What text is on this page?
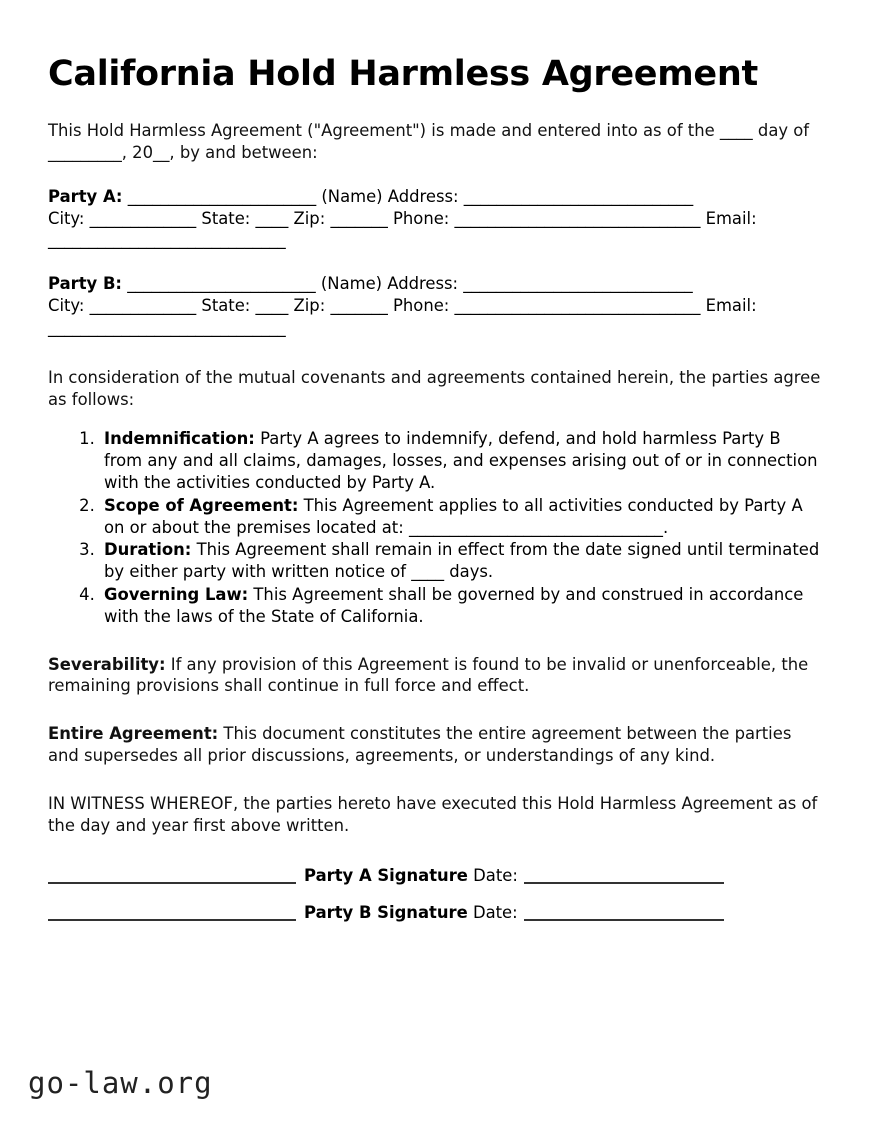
California Hold Harmless Agreement

This Hold Harmless Agreement ("Agreement") is made and entered into as of the ____ day of _________, 20__, by and between:

Party A: _______________________ (Name) Address: ____________________________
City: _____________ State: ____ Zip: _______ Phone: ______________________________ Email: _____________________________
Party B: _______________________ (Name) Address: ____________________________
City: _____________ State: ____ Zip: _______ Phone: ______________________________ Email: _____________________________

In consideration of the mutual covenants and agreements contained herein, the parties agree as follows:

1. Indemnification: Party A agrees to indemnify, defend, and hold harmless Party B from any and all claims, damages, losses, and expenses arising out of or in connection with the activities conducted by Party A.
2. Scope of Agreement: This Agreement applies to all activities conducted by Party A on or about the premises located at: _______________________________.
3. Duration: This Agreement shall remain in effect from the date signed until terminated by either party with written notice of ____ days.
4. Governing Law: This Agreement shall be governed by and construed in accordance with the laws of the State of California.

Severability: If any provision of this Agreement is found to be invalid or unenforceable, the remaining provisions shall continue in full force and effect.

Entire Agreement: This document constitutes the entire agreement between the parties and supersedes all prior discussions, agreements, or understandings of any kind.

IN WITNESS WHEREOF, the parties hereto have executed this Hold Harmless Agreement as of the day and year first above written.

Party A Signature Date:
Party B Signature Date:
go-law.org
